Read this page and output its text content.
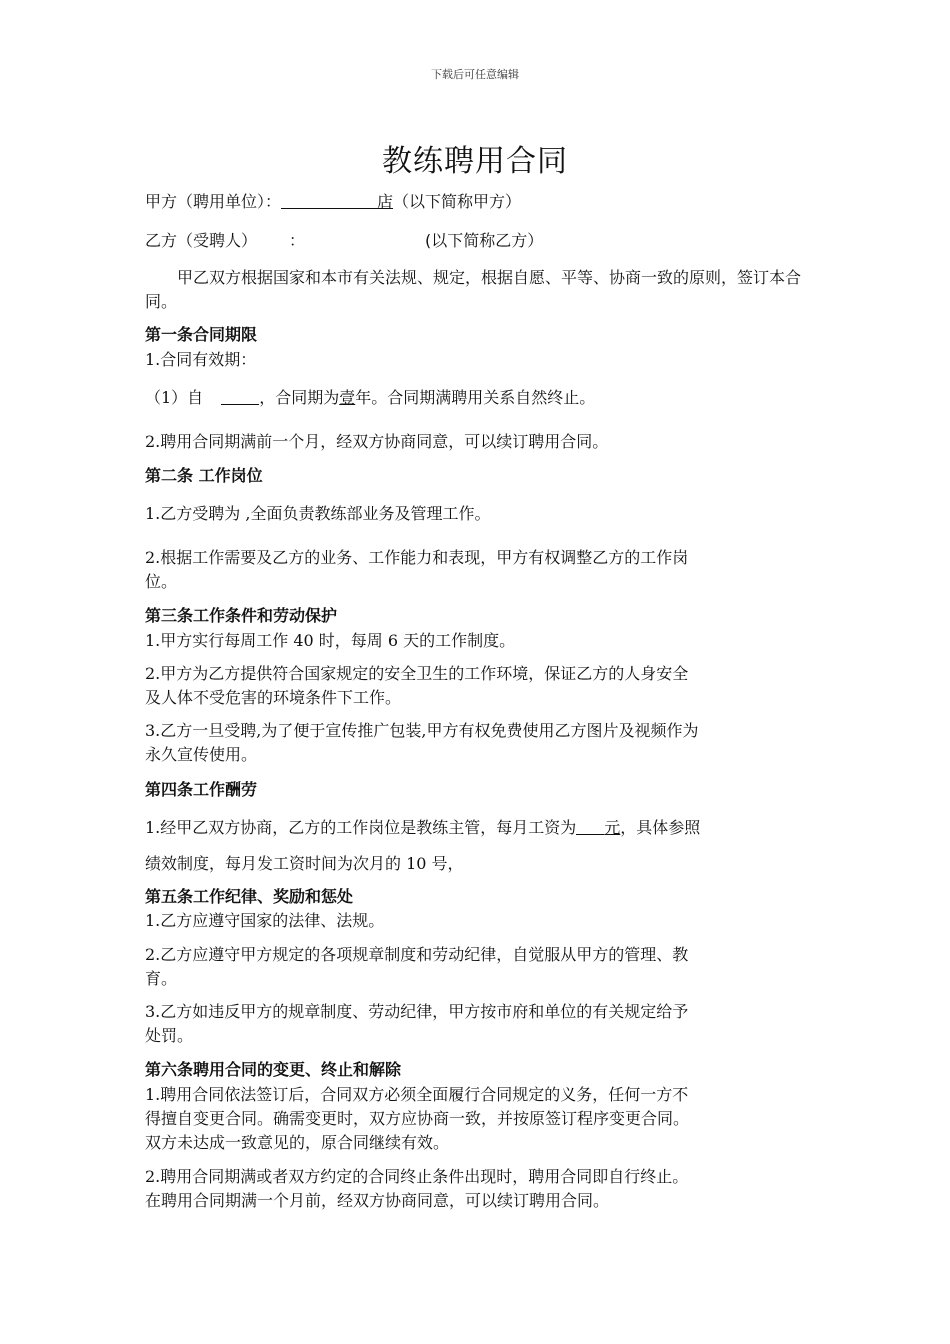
下载后可任意编辑
教练聘用合同
甲方（聘用单位）：	店（以下简称甲方）
乙方（受聘人） ：	(以下简称乙方）
甲乙双方根据国家和本市有关法规、规定，根据自愿、平等、协商一致的原则，签订本合同。
第一条合同期限
1.合同有效期：
（1）自	，合同期为壹年。合同期满聘用关系自然终止。
2.聘用合同期满前一个月，经双方协商同意，可以续订聘用合同。
第二条 工作岗位
1.乙方受聘为 ,全面负责教练部业务及管理工作。
2.根据工作需要及乙方的业务、工作能力和表现，甲方有权调整乙方的工作岗
位。
第三条工作条件和劳动保护
1.甲方实行每周工作 40 时，每周 6 天的工作制度。
2.甲方为乙方提供符合国家规定的安全卫生的工作环境，保证乙方的人身安全
及人体不受危害的环境条件下工作。
3.乙方一旦受聘,为了便于宣传推广包装,甲方有权免费使用乙方图片及视频作为
永久宣传使用。
第四条工作酬劳
1.经甲乙双方协商，乙方的工作岗位是教练主管，每月工资为 元，具体参照
绩效制度，每月发工资时间为次月的 10 号，
第五条工作纪律、奖励和惩处
1.乙方应遵守国家的法律、法规。
2.乙方应遵守甲方规定的各项规章制度和劳动纪律，自觉服从甲方的管理、教
育。
3.乙方如违反甲方的规章制度、劳动纪律，甲方按市府和单位的有关规定给予
处罚。
第六条聘用合同的变更、终止和解除
1.聘用合同依法签订后，合同双方必须全面履行合同规定的义务，任何一方不
得擅自变更合同。确需变更时，双方应协商一致，并按原签订程序变更合同。
双方未达成一致意见的，原合同继续有效。
2.聘用合同期满或者双方约定的合同终止条件出现时，聘用合同即自行终止。
在聘用合同期满一个月前，经双方协商同意，可以续订聘用合同。
